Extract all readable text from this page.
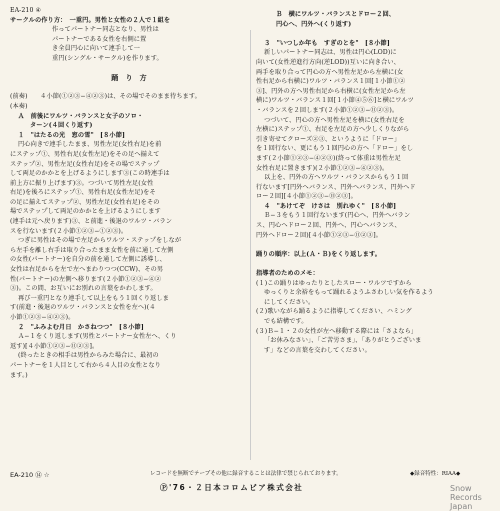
EA-210 ④
サークルの作り方：　一重円。男性と女性の２人で１組を
作ってパートナー同志となり、男性は
パートナーである女性を右側に置
き全員円心に向いて連手して一
重円(シングル・サークル)を作ります。
踊　り　方
(前奏)　　４小節(①②③−④②③)は、その場でそのまま待ちます。
(本奏)
Ａ　前後にワルツ・バランスと女子のソロ・
ターン(４回くり返す)
１　"はたるの光　窓の雪"　[８小節]
円心向きで連手したまま、男性左足(女性右足)を前
にステップ①、男性右足(女性左足)をその足へ揃えて
ステップ②、男性左足(女性右足)をその場でステップ
して両足のかかとを上げるようにします③(この時連手は
前上方に振り上げます)③。つづいて男性左足(女性
右足)を後ろにステップ①、男性右足(女性左足)をそ
の足に揃えてステップ②、男性左足(女性右足)をその
場でステップして両足のかかとを上げるようにします
(連手は元へ戻ります)③、と前進・後退のワルツ・バラン
スを行ないます(２小節①②③−①②③)。
つぎに男性はその場で左足からワルツ・ステップをしなが
ら左手を離し右手は取り合ったまま女性を前に通して左側
の女性(パートナー)を自分の前を通して左側に誘導し、
女性は右足からを左で左へまわりつつ(CCW)、その男
性(パートナー)の左側へ移ります(２小節①②③−④②
③)。この間、お互いにお別れの言葉をかわします。
再び一重円となり連手して以上をもう１回くり返しま
す(前進・後退のワルツ・バランスと女性を左へ)(４
小節①②③−④②③)。
２　"ふみよむ月日　かさねつつ"　[８小節]
Ａ−１をくり返します(男性とパートナー女性左へ、くり
返す)[４小節①②③−⑪②③]。
(終ったときの相手は男性からみた場合に、最初の
パートナーを１人目として右から４人目の女性となり
ます。)
Ｂ　横にワルツ・バランスとドロー２回、
円心へ、円外へ(くり返す)
３　"いつしか年も　すぎのとを"　[８小節]
新しいパートナー同志は、男性は円心(LOD)に
向いて(女性逆進行方向(逆LOD))互いに向き合い、
両手を取り合って円心の方へ男性左足から左横に(女
性右足から右横に)ワルツ・バランス１回[１小節①②
③]、円外の方へ男性右足から右横に(女性左足から左
横に)ワルツ・バランス１回[１小節④⑤⑥]と横にワルツ
・バランスを２回します(２小節①②③−⑪②③)。
つづいて、円心の方へ男性左足を横に(女性右足を
左横に)ステップ①、右足を左足の方へ少しくりながら
引き寄せてクローズ②③、というように「ドロー」
を１回行ない、更にもう１回円心の方へ「ドロー」をし
ます(２小節①②③−④②③)(終って体重は男性左足
女性右足に置きます)(２小節①②③−④②③)。
以上を、円外の方へワルツ・バランスからもう１回
行ないます[円外へバランス、円外へバランス、円外へド
ロー２回][４小節①②③−⑪②③]。
４　"あけてぞ　けさは　別れゆく"　[８小節]
Ｂ−３をもう１回行ないます(円心へ、円外へバラン
ス、円心へドロー２回、円外へ、円心へバランス、
円外へドロー２回)[４小節①②③−⑪②③]。
踊りの順序：以上(Ａ・Ｂ)をくり返します。
指導者のためのメモ：
(１)この踊りはゆったりとしたスロー・ワルツですから
ゆっくりと余裕をもって踊れるようふさわしい気を作るよう
にしてください。
(２)歌いながら踊るように指導してください、ハミング
でも結構です。
(３)Ｂ−１・２の女性が左へ移動する際には「さよなら」
「お休みなさい」、「ご苦労さま」、「ありがとうございま
す」などの言葉を交わしてください。
EA-210 ⑭ ☆	レコードを無断でテープその他に録音することは法律で禁じられております。	◆録音特性：RIAA◆
Ⓟ'76・２日本コロムビア株式会社	Snow Records Japan
